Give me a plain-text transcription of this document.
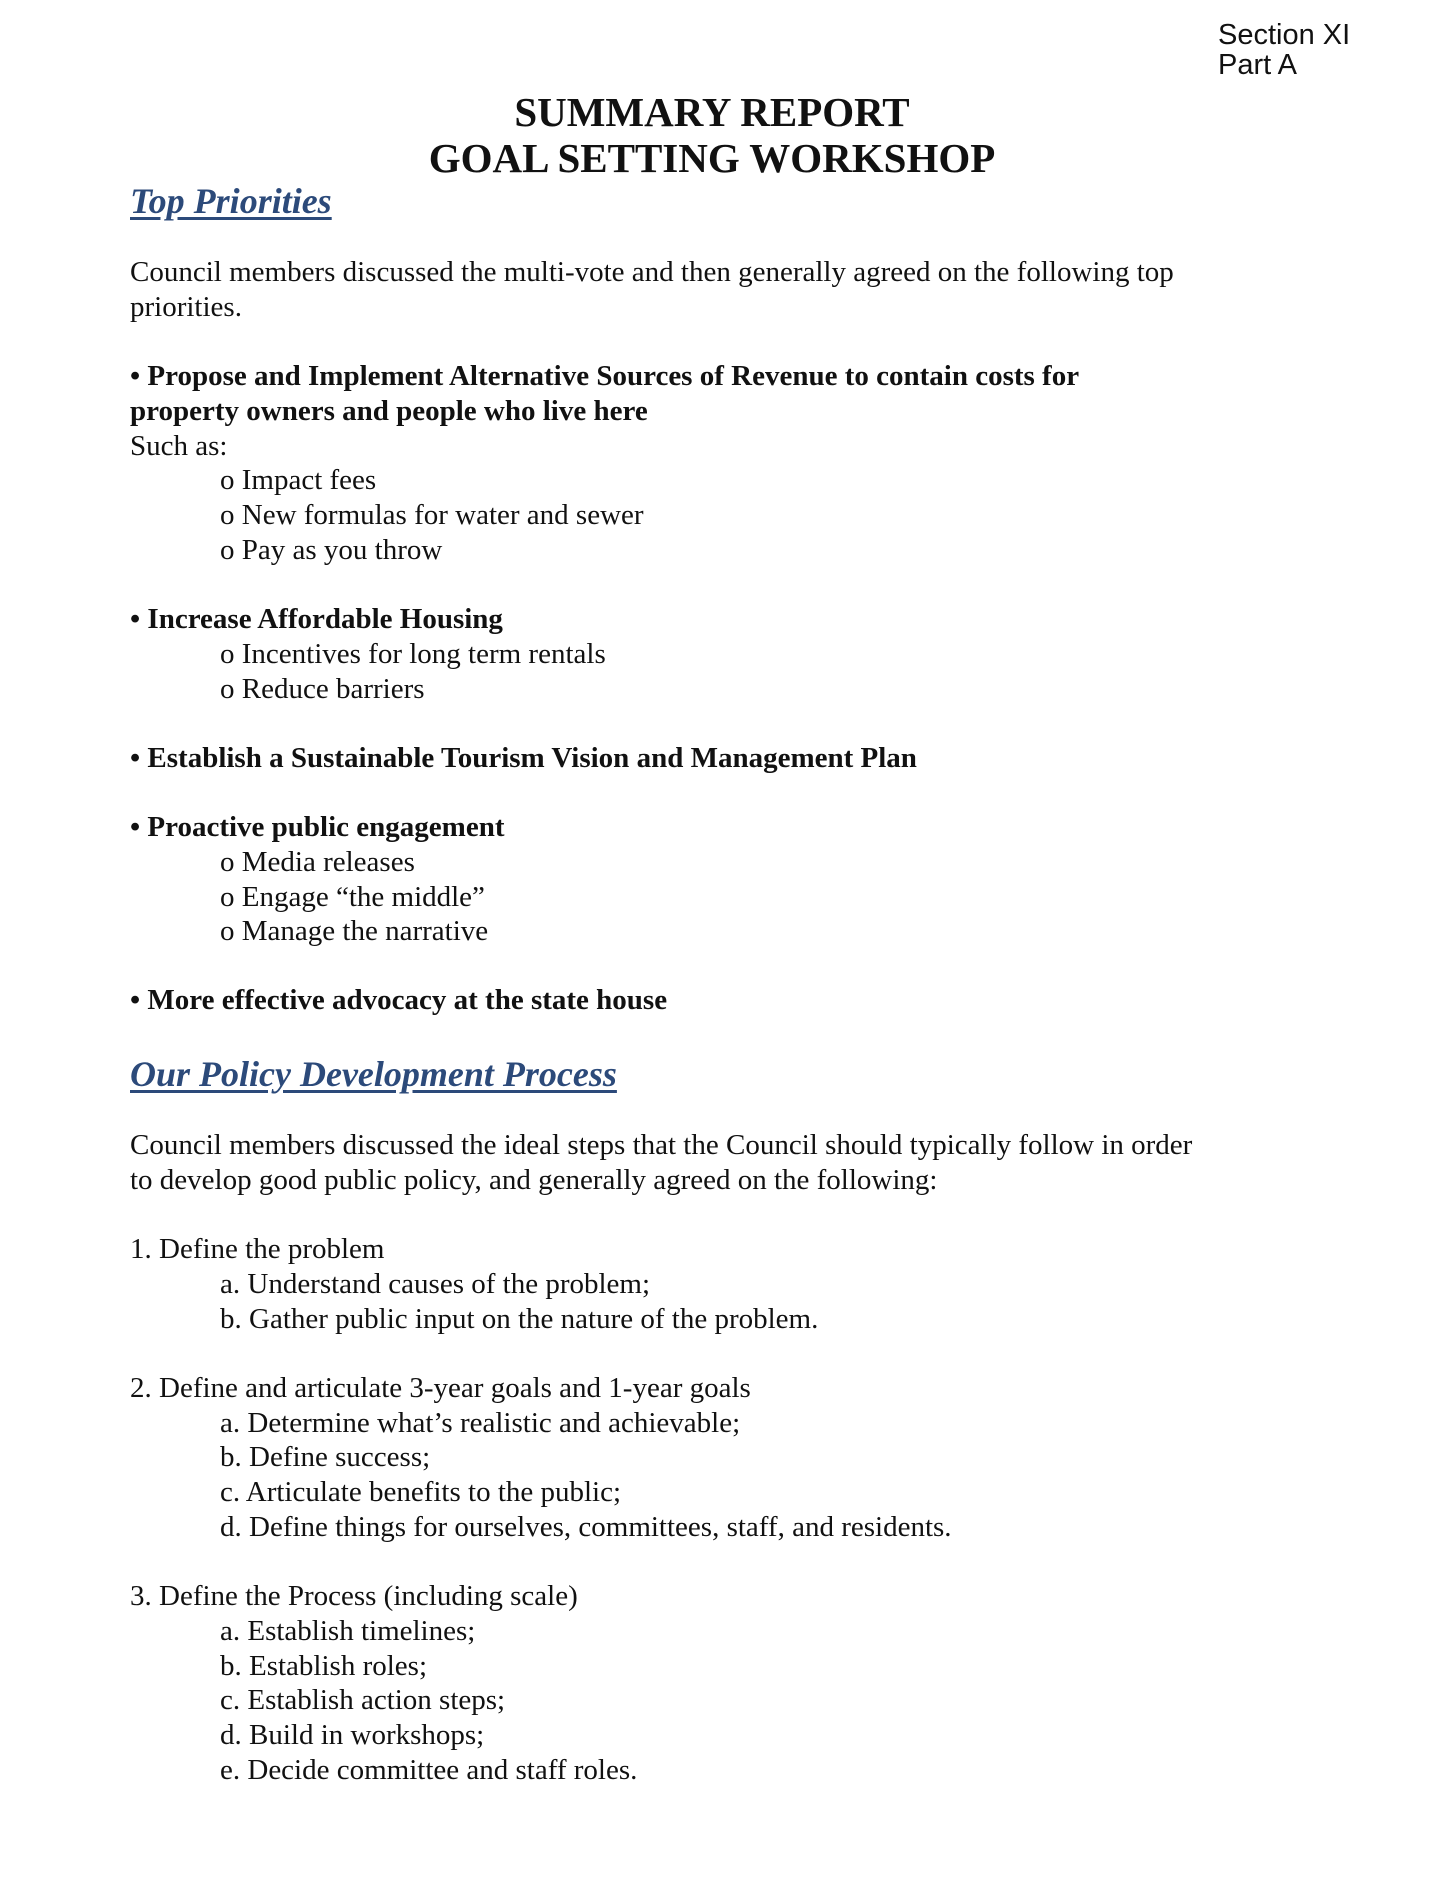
Section XI
Part A
SUMMARY REPORT
GOAL SETTING WORKSHOP
Top Priorities
Council members discussed the multi-vote and then generally agreed on the following top
priorities.
• Propose and Implement Alternative Sources of Revenue to contain costs for
property owners and people who live here
Such as:
o Impact fees
o New formulas for water and sewer
o Pay as you throw
• Increase Affordable Housing
o Incentives for long term rentals
o Reduce barriers
• Establish a Sustainable Tourism Vision and Management Plan
• Proactive public engagement
o Media releases
o Engage “the middle”
o Manage the narrative
• More effective advocacy at the state house
Our Policy Development Process
Council members discussed the ideal steps that the Council should typically follow in order
to develop good public policy, and generally agreed on the following:
1. Define the problem
a. Understand causes of the problem;
b. Gather public input on the nature of the problem.
2. Define and articulate 3-year goals and 1-year goals
a. Determine what’s realistic and achievable;
b. Define success;
c. Articulate benefits to the public;
d. Define things for ourselves, committees, staff, and residents.
3. Define the Process (including scale)
a. Establish timelines;
b. Establish roles;
c. Establish action steps;
d. Build in workshops;
e. Decide committee and staff roles.
